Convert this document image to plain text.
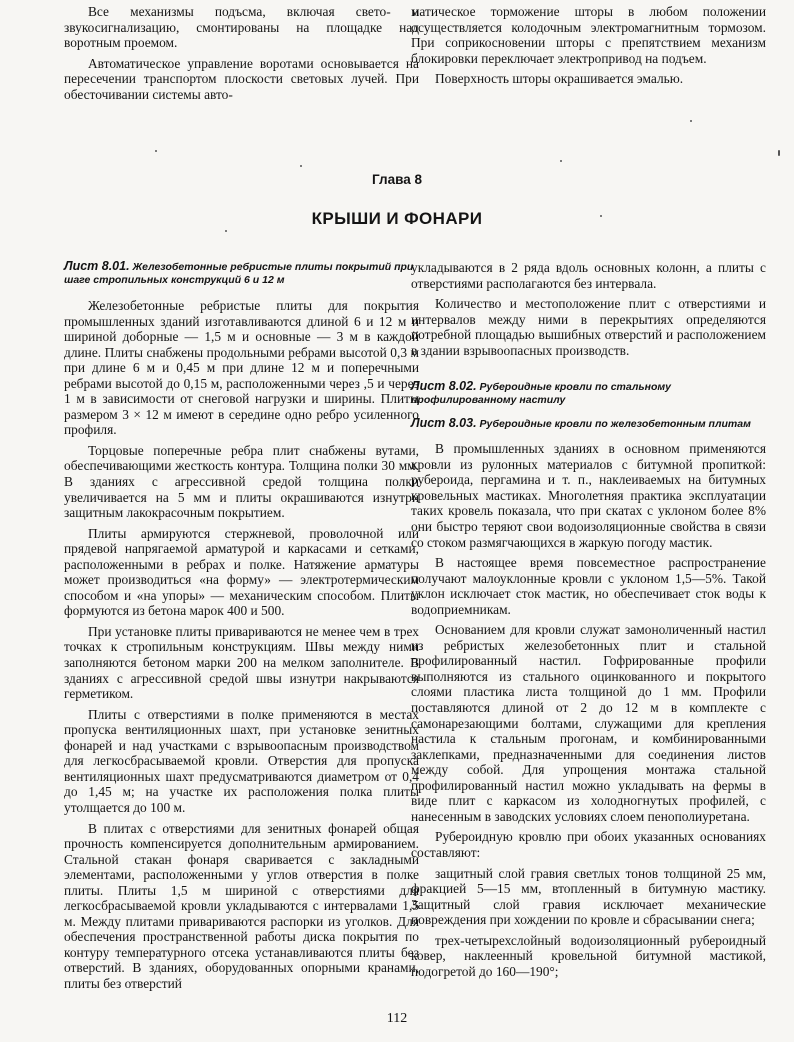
Все механизмы подъсма, включая свето- и звукосигнализацию, смонтированы на площадке над воротным проемом.

Автоматическое управление воротами основывается на пересечении транспортом плоскости световых лучей. При обесточивании системы авто-

матическое торможение шторы в любом положении осуществляется колодочным электромагнитным тормозом. При соприкосновении шторы с препятствием механизм блокировки переключает электропривод на подъем.

Поверхность шторы окрашивается эмалью.

Глава 8
КРЫШИ И ФОНАРИ
Лист 8.01. Железобетонные ребристые плиты покрытий при шаге стропильных конструкций 6 и 12 м

Железобетонные ребристые плиты для покрытия промышленных зданий изготавливаются длиной 6 и 12 м и шириной доборные — 1,5 м и основные — 3 м в каждой длине. Плиты снабжены продольными ребрами высотой 0,3 м при длине 6 м и 0,45 м при длине 12 м и поперечными ребрами высотой до 0,15 м, расположенными через ,5 и через 1 м в зависимости от снеговой нагрузки и ширины. Плиты размером 3 × 12 м имеют в середине одно ребро усиленного профиля.

Торцовые поперечные ребра плит снабжены вутами, обеспечивающими жесткость контура. Толщина полки 30 мм. В зданиях с агрессивной средой толщина полки увеличивается на 5 мм и плиты окрашиваются изнутри защитным лакокрасочным покрытием.

Плиты армируются стержневой, проволочной или прядевой напрягаемой арматурой и каркасами и сетками, расположенными в ребрах и полке. Натяжение арматуры может производиться «на форму» — электротермическим способом и «на упоры» — механическим способом. Плиты формуются из бетона марок 400 и 500.

При установке плиты привариваются не менее чем в трех точках к стропильным конструкциям. Швы между ними заполняются бетоном марки 200 на мелком заполнителе. В зданиях с агрессивной средой швы изнутри накрываются герметиком.

Плиты с отверстиями в полке применяются в местах пропуска вентиляционных шахт, при установке зенитных фонарей и над участками с взрывоопасным производством для легкосбрасываемой кровли. Отверстия для пропуска вентиляционных шахт предусматриваются диаметром от 0,4 до 1,45 м; на участке их расположения полка плиты утолщается до 100 м.

В плитах с отверстиями для зенитных фонарей общая прочность компенсируется дополнительным армированием. Стальной стакан фонаря сваривается с закладными элементами, расположенными у углов отверстия в полке плиты. Плиты 1,5 м шириной с отверстиями для легкосбрасываемой кровли укладываются с интервалами 1,5 м. Между плитами привариваются распорки из уголков. Для обеспечения пространственной работы диска покрытия по контуру температурного отсека устанавливаются плиты без отверстий. В зданиях, оборудованных опорными кранами, плиты без отверстий

укладываются в 2 ряда вдоль основных колонн, а плиты с отверстиями располагаются без интервала.

Количество и местоположение плит с отверстиями и интервалов между ними в перекрытиях определяются потребной площадью вышибных отверстий и расположением в здании взрывоопасных производств.

Лист 8.02. Рубероидные кровли по стальному профилированному настилу
Лист 8.03. Рубероидные кровли по железобетонным плитам

В промышленных зданиях в основном применяются кровли из рулонных материалов с битумной пропиткой: рубероида, пергамина и т. п., наклеиваемых на битумных кровельных мастиках. Многолетняя практика эксплуатации таких кровель показала, что при скатах с уклоном более 8% они быстро теряют свои водоизоляционные свойства в связи со стоком размягчающихся в жаркую погоду мастик.

В настоящее время повсеместное распространение получают малоуклонные кровли с уклоном 1,5—5%. Такой уклон исключает сток мастик, но обеспечивает сток воды к водоприемникам.

Основанием для кровли служат замоноличенный настил из ребристых железобетонных плит и стальной профилированный настил. Гофрированные профили выполняются из стального оцинкованного и покрытого слоями пластика листа толщиной до 1 мм. Профили поставляются длиной от 2 до 12 м в комплекте с самонарезающими болтами, служащими для крепления настила к стальным прогонам, и комбинированными заклепками, предназначенными для соединения листов между собой. Для упрощения монтажа стальной профилированный настил можно укладывать на фермы в виде плит с каркасом из холодногнутых профилей, с нанесенным в заводских условиях слоем пенополиуретана.

Рубероидную кровлю при обоих указанных основаниях составляют:

защитный слой гравия светлых тонов толщиной 25 мм, фракцией 5—15 мм, втопленный в битумную мастику. Защитный слой гравия исключает механические повреждения при хождении по кровле и сбрасывании снега;

трех-четырехслойный водоизоляционный рубероидный ковер, наклеенный кровельной битумной мастикой, подогретой до 160—190°;

112
